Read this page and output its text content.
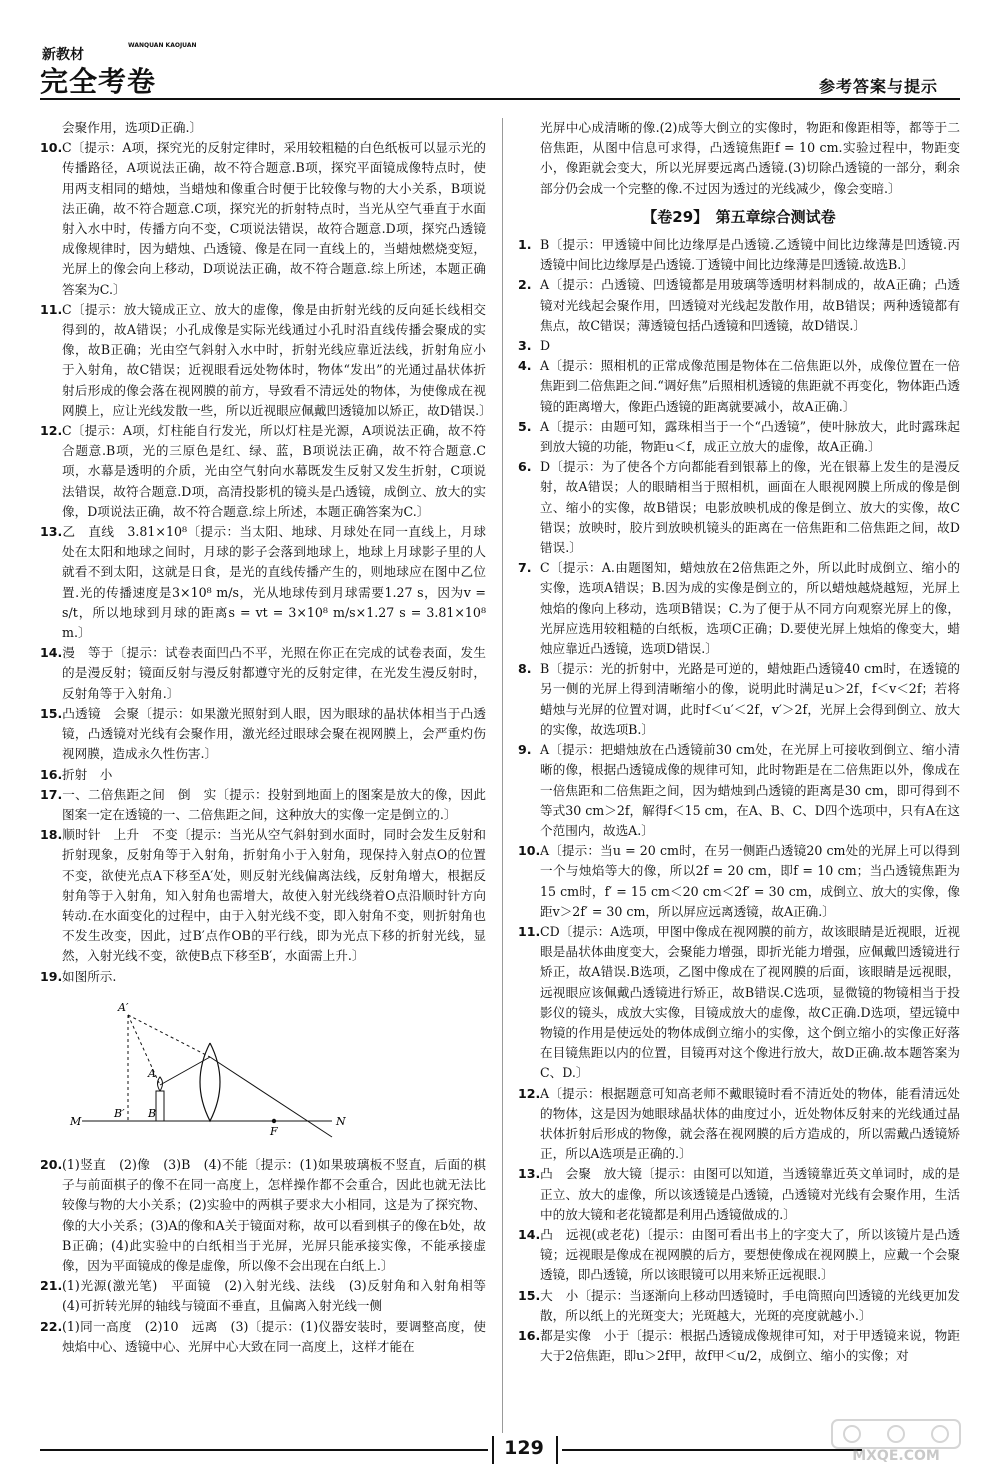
新教材
WANQUAN KAOJUAN
完全考卷	参考答案与提示

会聚作用，选项D正确.〕

10.C〔提示：A项，探究光的反射定律时，采用较粗糙的白色纸板可以显示光的传播路径，A项说法正确，故不符合题意.B项，探究平面镜成像特点时，使用两支相同的蜡烛，当蜡烛和像重合时便于比较像与物的大小关系，B项说法正确，故不符合题意.C项，探究光的折射特点时，当光从空气垂直于水面射入水中时，传播方向不变，C项说法错误，故符合题意.D项，探究凸透镜成像规律时，因为蜡烛、凸透镜、像是在同一直线上的，当蜡烛燃烧变短，光屏上的像会向上移动，D项说法正确，故不符合题意.综上所述，本题正确答案为C.〕

11.C〔提示：放大镜成正立、放大的虚像，像是由折射光线的反向延长线相交得到的，故A错误；小孔成像是实际光线通过小孔时沿直线传播会聚成的实像，故B正确；光由空气斜射入水中时，折射光线应靠近法线，折射角应小于入射角，故C错误；近视眼看远处物体时，物体“发出”的光通过晶状体折射后形成的像会落在视网膜的前方，导致看不清远处的物体，为使像成在视网膜上，应让光线发散一些，所以近视眼应佩戴凹透镜加以矫正，故D错误.〕

12.C〔提示：A项，灯柱能自行发光，所以灯柱是光源，A项说法正确，故不符合题意.B项，光的三原色是红、绿、蓝，B项说法正确，故不符合题意.C项，水幕是透明的介质，光由空气射向水幕既发生反射又发生折射，C项说法错误，故符合题意.D项，高清投影机的镜头是凸透镜，成倒立、放大的实像，D项说法正确，故不符合题意.综上所述，本题正确答案为C.〕

13.乙　直线　3.81×10⁸〔提示：当太阳、地球、月球处在同一直线上，月球处在太阳和地球之间时，月球的影子会落到地球上，地球上月球影子里的人就看不到太阳，这就是日食，是光的直线传播产生的，则地球应在图中乙位置.光的传播速度是3×10⁸ m/s，光从地球传到月球需要1.27 s，因为v = s/t，所以地球到月球的距离s = vt = 3×10⁸ m/s×1.27 s = 3.81×10⁸ m.〕

14.漫　等于〔提示：试卷表面凹凸不平，光照在你正在完成的试卷表面，发生的是漫反射；镜面反射与漫反射都遵守光的反射定律，在光发生漫反射时，反射角等于入射角.〕

15.凸透镜　会聚〔提示：如果激光照射到人眼，因为眼球的晶状体相当于凸透镜，凸透镜对光线有会聚作用，激光经过眼球会聚在视网膜上，会严重灼伤视网膜，造成永久性伤害.〕

16.折射　小

17.一、二倍焦距之间　倒　实〔提示：投射到地面上的图案是放大的像，因此图案一定在透镜的一、二倍焦距之间，这种放大的实像一定是倒立的.〕

18.顺时针　上升　不变〔提示：当光从空气斜射到水面时，同时会发生反射和折射现象，反射角等于入射角，折射角小于入射角，现保持入射点O的位置不变，欲使光点A下移至A′处，则反射光线偏离法线，反射角增大，根据反射角等于入射角，知入射角也需增大，故使入射光线绕着O点沿顺时针方向转动.在水面变化的过程中，由于入射光线不变，即入射角不变，则折射角也不发生改变，因此，过B′点作OB的平行线，即为光点下移的折射光线，显然，入射光线不变，欲使B点下移至B′，水面需上升.〕

19.如图所示.

A′
A
B′ B
M
F
N

20.(1)竖直　(2)像　(3)B　(4)不能〔提示：(1)如果玻璃板不竖直，后面的棋子与前面棋子的像不在同一高度上，怎样操作都不会重合，因此也就无法比较像与物的大小关系；(2)实验中的两棋子要求大小相同，这是为了探究物、像的大小关系；(3)A的像和A关于镜面对称，故可以看到棋子的像在b处，故B正确；(4)此实验中的白纸相当于光屏，光屏只能承接实像，不能承接虚像，因为平面镜成的像是虚像，所以像不会出现在白纸上.〕

21.(1)光源(激光笔)　平面镜　(2)入射光线、法线　(3)反射角和入射角相等　(4)可折转光屏的轴线与镜面不垂直，且偏离入射光线一侧

22.(1)同一高度　(2)10　远离　(3)〔提示：(1)仪器安装时，要调整高度，使烛焰中心、透镜中心、光屏中心大致在同一高度上，这样才能在

光屏中心成清晰的像.(2)成等大倒立的实像时，物距和像距相等，都等于二倍焦距，从图中信息可求得，凸透镜焦距f = 10 cm.实验过程中，物距变小，像距就会变大，所以光屏要远离凸透镜.(3)切除凸透镜的一部分，剩余部分仍会成一个完整的像.不过因为透过的光线减少，像会变暗.〕

【卷29】　第五章综合测试卷

1. B〔提示：甲透镜中间比边缘厚是凸透镜.乙透镜中间比边缘薄是凹透镜.丙透镜中间比边缘厚是凸透镜.丁透镜中间比边缘薄是凹透镜.故选B.〕

2. A〔提示：凸透镜、凹透镜都是用玻璃等透明材料制成的，故A正确；凸透镜对光线起会聚作用，凹透镜对光线起发散作用，故B错误；两种透镜都有焦点，故C错误；薄透镜包括凸透镜和凹透镜，故D错误.〕

3. D

4. A〔提示：照相机的正常成像范围是物体在二倍焦距以外，成像位置在一倍焦距到二倍焦距之间.“调好焦”后照相机透镜的焦距就不再变化，物体距凸透镜的距离增大，像距凸透镜的距离就要减小，故A正确.〕

5. A〔提示：由题可知，露珠相当于一个“凸透镜”，使叶脉放大，此时露珠起到放大镜的功能，物距u＜f，成正立放大的虚像，故A正确.〕

6. D〔提示：为了使各个方向都能看到银幕上的像，光在银幕上发生的是漫反射，故A错误；人的眼睛相当于照相机，画面在人眼视网膜上所成的像是倒立、缩小的实像，故B错误；电影放映机成的像是倒立、放大的实像，故C错误；放映时，胶片到放映机镜头的距离在一倍焦距和二倍焦距之间，故D错误.〕

7. C〔提示：A.由题图知，蜡烛放在2倍焦距之外，所以此时成倒立、缩小的实像，选项A错误；B.因为成的实像是倒立的，所以蜡烛越烧越短，光屏上烛焰的像向上移动，选项B错误；C.为了便于从不同方向观察光屏上的像，光屏应选用较粗糙的白纸板，选项C正确；D.要使光屏上烛焰的像变大，蜡烛应靠近凸透镜，选项D错误.〕

8. B〔提示：光的折射中，光路是可逆的，蜡烛距凸透镜40 cm时，在透镜的另一侧的光屏上得到清晰缩小的像，说明此时满足u＞2f，f＜v＜2f；若将蜡烛与光屏的位置对调，此时f＜u′＜2f，v′＞2f，光屏上会得到倒立、放大的实像，故选项B.〕

9. A〔提示：把蜡烛放在凸透镜前30 cm处，在光屏上可接收到倒立、缩小清晰的像，根据凸透镜成像的规律可知，此时物距是在二倍焦距以外，像成在一倍焦距和二倍焦距之间，因为蜡烛到凸透镜的距离是30 cm，即可得到不等式30 cm＞2f，解得f＜15 cm，在A、B、C、D四个选项中，只有A在这个范围内，故选A.〕

10.A〔提示：当u = 20 cm时，在另一侧距凸透镜20 cm处的光屏上可以得到一个与烛焰等大的像，所以2f = 20 cm，即f = 10 cm；当凸透镜焦距为15 cm时，f′ = 15 cm＜20 cm＜2f′ = 30 cm，成倒立、放大的实像，像距v＞2f′ = 30 cm，所以屏应远离透镜，故A正确.〕

11.CD〔提示：A选项，甲图中像成在视网膜的前方，故该眼睛是近视眼，近视眼是晶状体曲度变大，会聚能力增强，即折光能力增强，应佩戴凹透镜进行矫正，故A错误.B选项，乙图中像成在了视网膜的后面，该眼睛是远视眼，远视眼应该佩戴凸透镜进行矫正，故B错误.C选项，显微镜的物镜相当于投影仪的镜头，成放大实像，目镜成放大的虚像，故C正确.D选项，望远镜中物镜的作用是使远处的物体成倒立缩小的实像，这个倒立缩小的实像正好落在目镜焦距以内的位置，目镜再对这个像进行放大，故D正确.故本题答案为C、D.〕

12.A〔提示：根据题意可知高老师不戴眼镜时看不清近处的物体，能看清远处的物体，这是因为她眼球晶状体的曲度过小，近处物体反射来的光线通过晶状体折射后形成的物像，就会落在视网膜的后方造成的，所以需戴凸透镜矫正，所以A选项是正确的.〕

13.凸　会聚　放大镜〔提示：由图可以知道，当透镜靠近英文单词时，成的是正立、放大的虚像，所以该透镜是凸透镜，凸透镜对光线有会聚作用，生活中的放大镜和老花镜都是利用凸透镜做成的.〕

14.凸　远视(或老花)〔提示：由图可看出书上的字变大了，所以该镜片是凸透镜；远视眼是像成在视网膜的后方，要想使像成在视网膜上，应戴一个会聚透镜，即凸透镜，所以该眼镜可以用来矫正远视眼.〕

15.大　小〔提示：当逐渐向上移动凹透镜时，手电筒照向凹透镜的光线更加发散，所以纸上的光斑变大；光斑越大，光斑的亮度就越小.〕

16.都是实像　小于〔提示：根据凸透镜成像规律可知，对于甲透镜来说，物距大于2倍焦距，即u＞2f甲，故f甲＜u/2，成倒立、缩小的实像；对

129	MXQE.COM
